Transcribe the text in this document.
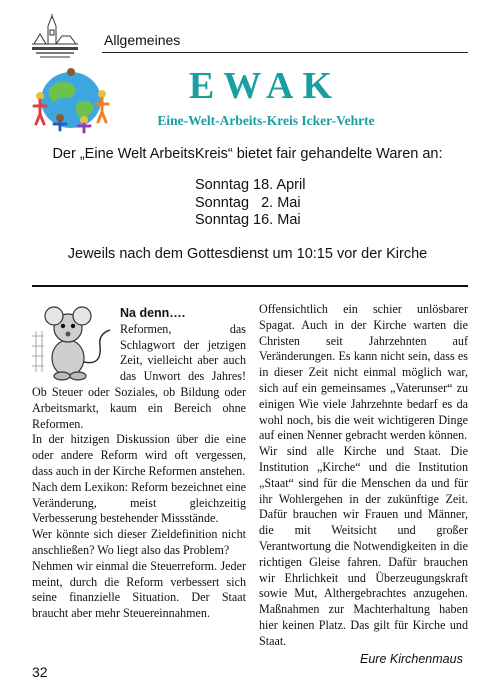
Allgemeines
EWAK
Eine-Welt-Arbeits-Kreis Icker-Vehrte
Der „Eine Welt ArbeitsKreis“ bietet fair gehandelte Waren an:
Sonntag 18. April
Sonntag   2. Mai
Sonntag 16. Mai
Jeweils nach dem Gottesdienst um 10:15 vor der Kirche
Na denn….

Reformen, das Schlagwort der jetzigen Zeit, vielleicht aber auch das Unwort des Jahres! Ob Steuer oder Soziales, ob Bildung oder Arbeitsmarkt, kaum ein Bereich ohne Reformen.

In der hitzigen Diskussion über die eine oder andere Reform wird oft vergessen, dass auch in der Kirche Reformen anstehen.

Nach dem Lexikon: Reform bezeichnet eine Veränderung, meist gleichzeitig Verbesserung bestehender Missstände.

Wer könnte sich dieser Zieldefinition nicht anschließen? Wo liegt also das Problem?

Nehmen wir einmal die Steuerreform. Jeder meint, durch die Reform verbessert sich seine finanzielle Situation. Der Staat braucht aber mehr Steuereinnahmen.

Offensichtlich ein schier unlösbarer Spagat. Auch in der Kirche warten die Christen seit Jahrzehnten auf Veränderungen. Es kann nicht sein, dass es in dieser Zeit nicht einmal möglich war, sich auf ein gemeinsames „Vaterunser“ zu einigen Wie viele Jahrzehnte bedarf es da wohl noch, bis die weit wichtigeren Dinge auf einen Nenner gebracht werden können.

Wir sind alle Kirche und Staat. Die Institution „Kirche“ und die Institution „Staat“ sind für die Menschen da und für ihr Wohlergehen in der zukünftige Zeit. Dafür brauchen wir Frauen und Männer, die mit Weitsicht und großer Verantwortung die Notwendigkeiten in die richtigen Gleise fahren. Dafür brauchen wir Ehrlichkeit und Überzeugungskraft sowie Mut, Althergebrachtes anzugehen. Maßnahmen zur Machterhaltung haben hier keinen Platz. Das gilt für Kirche und Staat.

Eure Kirchenmaus
32
